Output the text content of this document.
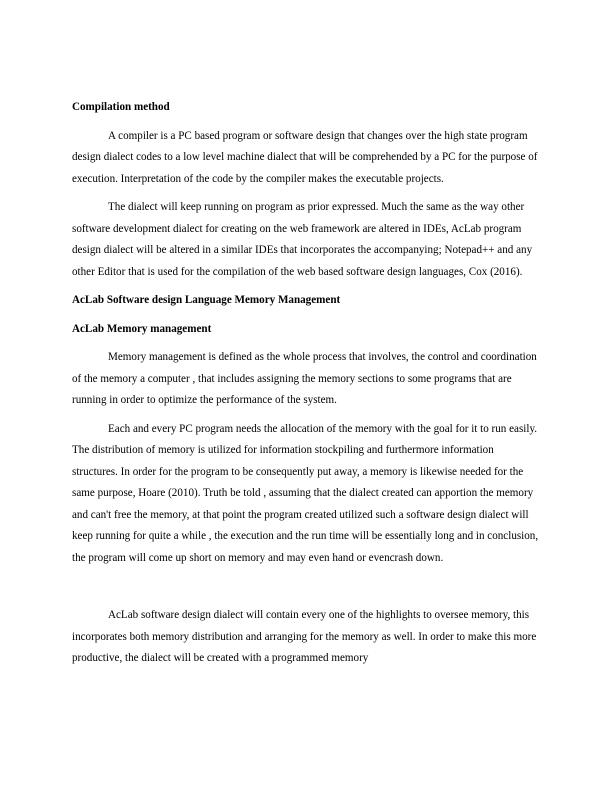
Compilation method
A compiler is a PC based program or software design that changes over the high state program design dialect codes to a low level machine dialect that will be comprehended by a PC for the purpose of execution. Interpretation of the code by the compiler makes the executable projects.
The dialect will keep running on program as prior expressed. Much the same as the way other software development dialect for creating on the web framework are altered in IDEs, AcLab program design dialect will be altered in a similar IDEs that incorporates the accompanying; Notepad++ and any other Editor that is used for the compilation of the web based software design languages, Cox (2016).
AcLab Software design Language Memory Management
AcLab Memory management
Memory management is defined as the whole process that involves, the control and coordination of the memory a computer , that includes assigning the memory sections to some programs that are running in order to optimize the performance of the system.
Each and every PC program needs the allocation of the memory with the goal for it to run easily. The distribution of memory is utilized for information stockpiling and furthermore information structures. In order for the program to be consequently put away, a memory is likewise needed for the same purpose, Hoare (2010). Truth be told , assuming that the dialect created can apportion the memory and can't free the memory, at that point the program created utilized such a software design dialect will keep running for quite a while , the execution and the run time will be essentially long and in conclusion, the program will come up short on memory and may even hand or evencrash down.
AcLab software design dialect will contain every one of the highlights to oversee memory, this incorporates both memory distribution and arranging for the memory as well. In order to make this more productive, the dialect will be created with a programmed memory
